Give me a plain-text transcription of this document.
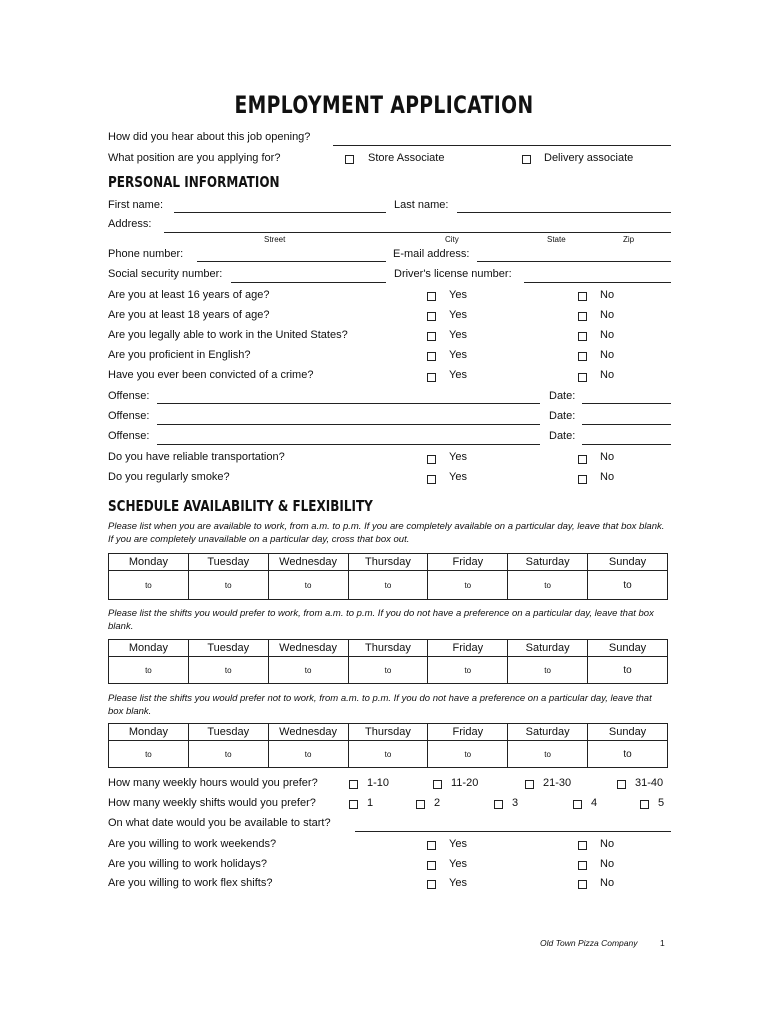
EMPLOYMENT APPLICATION
How did you hear about this job opening?
What position are you applying for?	Store Associate	Delivery associate
PERSONAL INFORMATION
First name:	Last name:
Address:
Street	City	State	Zip
Phone number:	E-mail address:
Social security number:	Driver's license number:
Are you at least 16 years of age?	Yes	No
Are you at least 18 years of age?	Yes	No
Are you legally able to work in the United States?	Yes	No
Are you proficient in English?	Yes	No
Have you ever been convicted of a crime?	Yes	No
Offense:	Date:
Offense:	Date:
Offense:	Date:
Do you have reliable transportation?	Yes	No
Do you regularly smoke?	Yes	No
SCHEDULE AVAILABILITY & FLEXIBILITY
Please list when you are available to work, from a.m. to p.m. If you are completely available on a particular day, leave that box blank. If you are completely unavailable on a particular day, cross that box out.
Monday	Tuesday	Wednesday	Thursday	Friday	Saturday	Sunday
to	to	to	to	to	to	to
Please list the shifts you would prefer to work, from a.m. to p.m. If you do not have a preference on a particular day, leave that box blank.
Monday	Tuesday	Wednesday	Thursday	Friday	Saturday	Sunday
to	to	to	to	to	to	to
Please list the shifts you would prefer not to work, from a.m. to p.m. If you do not have a preference on a particular day, leave that box blank.
Monday	Tuesday	Wednesday	Thursday	Friday	Saturday	Sunday
to	to	to	to	to	to	to
How many weekly hours would you prefer?	1-10	11-20	21-30	31-40
How many weekly shifts would you prefer?	1	2	3	4	5
On what date would you be available to start?
Are you willing to work weekends?	Yes	No
Are you willing to work holidays?	Yes	No
Are you willing to work flex shifts?	Yes	No
Old Town Pizza Company	1
